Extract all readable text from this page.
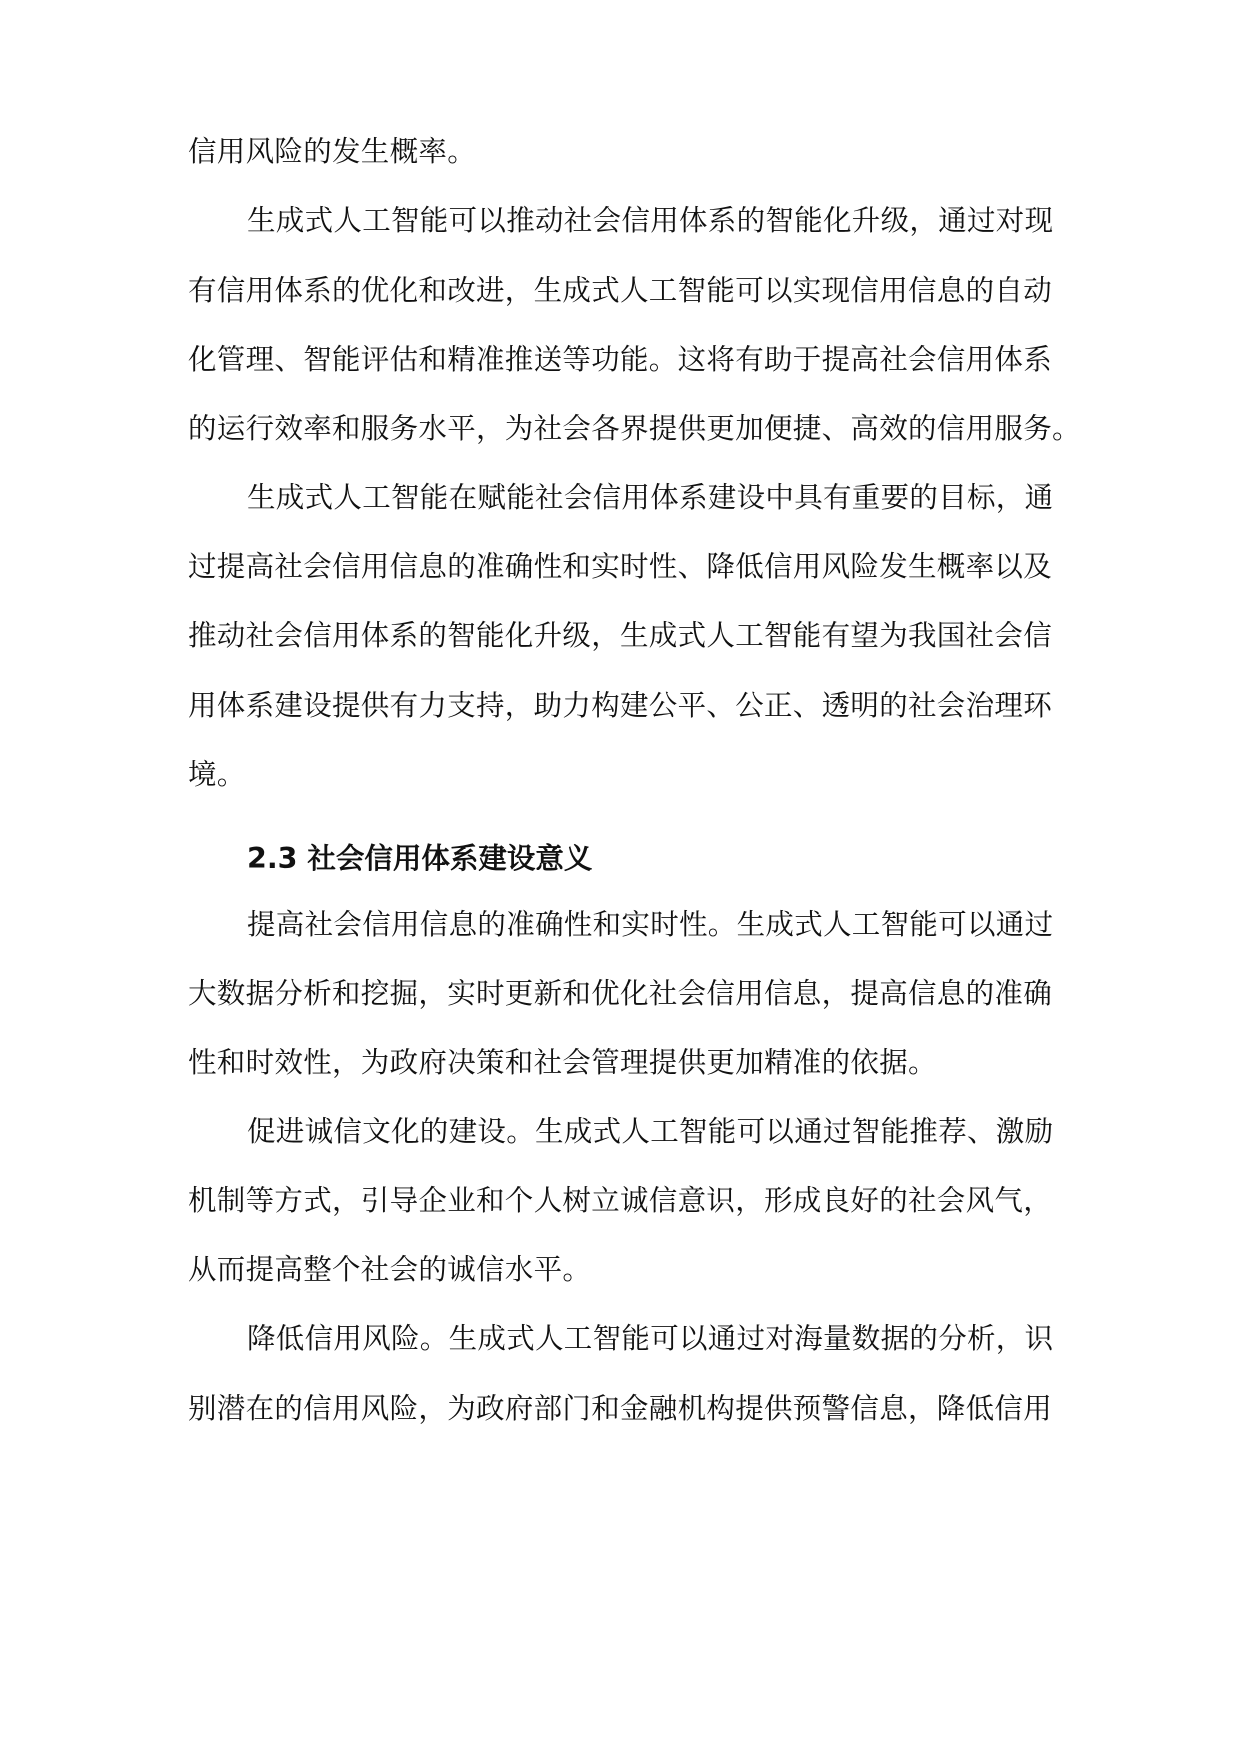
信用风险的发生概率。
生成式人工智能可以推动社会信用体系的智能化升级，通过对现
有信用体系的优化和改进，生成式人工智能可以实现信用信息的自动
化管理、智能评估和精准推送等功能。这将有助于提高社会信用体系
的运行效率和服务水平，为社会各界提供更加便捷、高效的信用服务。
生成式人工智能在赋能社会信用体系建设中具有重要的目标，通
过提高社会信用信息的准确性和实时性、降低信用风险发生概率以及
推动社会信用体系的智能化升级，生成式人工智能有望为我国社会信
用体系建设提供有力支持，助力构建公平、公正、透明的社会治理环
境。
2.3 社会信用体系建设意义
提高社会信用信息的准确性和实时性。生成式人工智能可以通过
大数据分析和挖掘，实时更新和优化社会信用信息，提高信息的准确
性和时效性，为政府决策和社会管理提供更加精准的依据。
促进诚信文化的建设。生成式人工智能可以通过智能推荐、激励
机制等方式，引导企业和个人树立诚信意识，形成良好的社会风气，
从而提高整个社会的诚信水平。
降低信用风险。生成式人工智能可以通过对海量数据的分析，识
别潜在的信用风险，为政府部门和金融机构提供预警信息，降低信用
